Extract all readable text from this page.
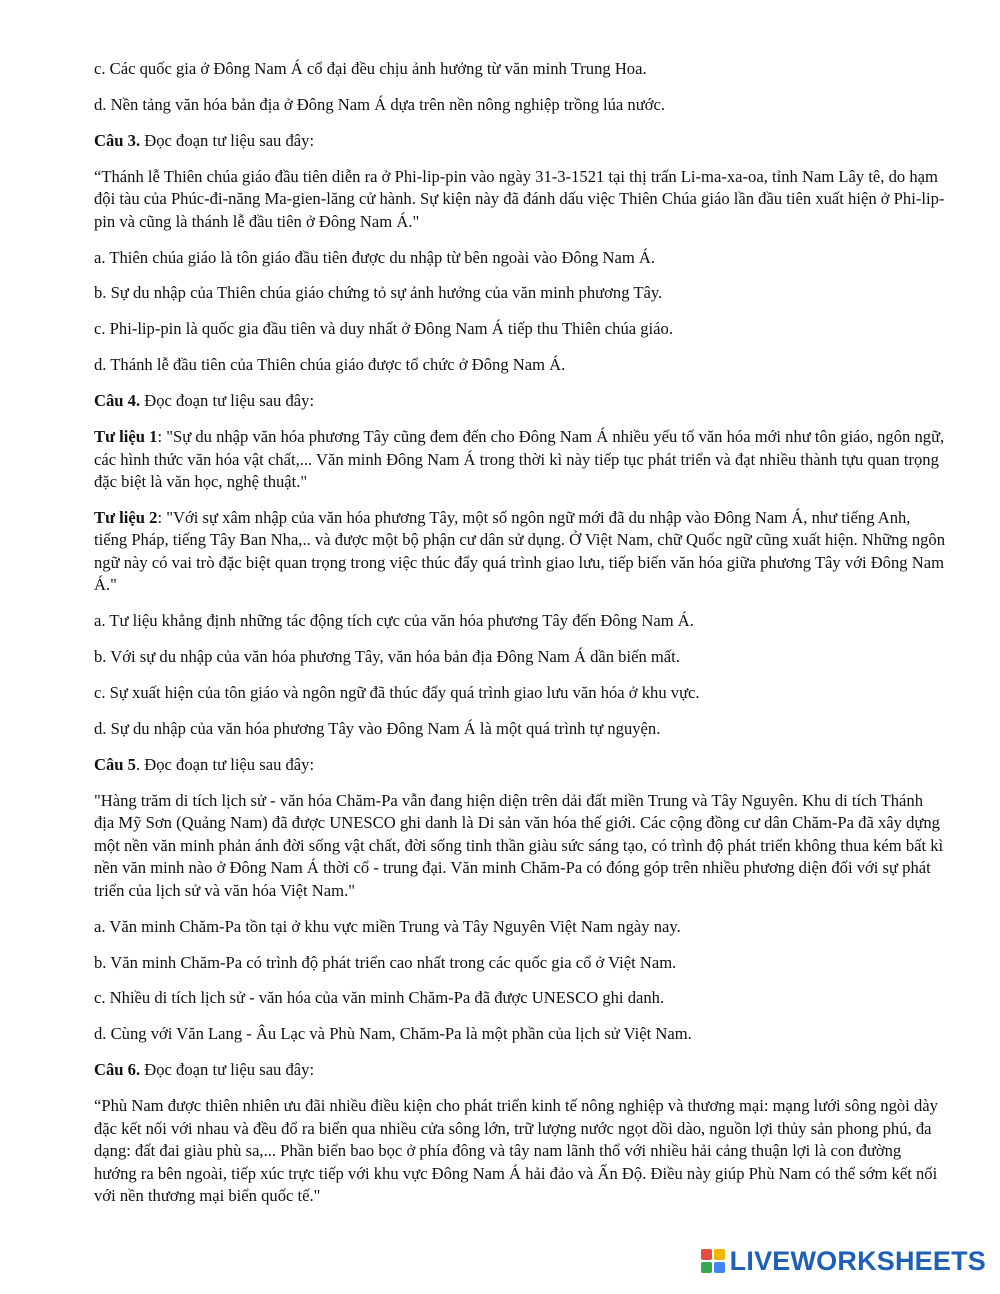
c. Các quốc gia ở Đông Nam Á cổ đại đều chịu ảnh hưởng từ văn minh Trung Hoa.

d. Nền tảng văn hóa bản địa ở Đông Nam Á dựa trên nền nông nghiệp trồng lúa nước.

Câu 3. Đọc đoạn tư liệu sau đây:

“Thánh lễ Thiên chúa giáo đầu tiên diễn ra ở Phi-lip-pin vào ngày 31-3-1521 tại thị trấn Li-ma-xa-oa, tỉnh Nam Lây tê, do hạm đội tàu của Phúc-đi-năng Ma-gien-lăng cử hành. Sự kiện này đã đánh dấu việc Thiên Chúa giáo lần đầu tiên xuất hiện ở Phi-lip-pin và cũng là thánh lễ đầu tiên ở Đông Nam Á."

a. Thiên chúa giáo là tôn giáo đầu tiên được du nhập từ bên ngoài vào Đông Nam Á.

b. Sự du nhập của Thiên chúa giáo chứng tỏ sự ảnh hưởng của văn minh phương Tây.

c. Phi-lip-pin là quốc gia đầu tiên và duy nhất ở Đông Nam Á tiếp thu Thiên chúa giáo.

d. Thánh lễ đầu tiên của Thiên chúa giáo được tổ chức ở Đông Nam Á.

Câu 4. Đọc đoạn tư liệu sau đây:

Tư liệu 1: "Sự du nhập văn hóa phương Tây cũng đem đến cho Đông Nam Á nhiều yếu tố văn hóa mới như tôn giáo, ngôn ngữ, các hình thức văn hóa vật chất,... Văn minh Đông Nam Á trong thời kì này tiếp tục phát triển và đạt nhiều thành tựu quan trọng đặc biệt là văn học, nghệ thuật."

Tư liệu 2: "Với sự xâm nhập của văn hóa phương Tây, một số ngôn ngữ mới đã du nhập vào Đông Nam Á, như tiếng Anh, tiếng Pháp, tiếng Tây Ban Nha,.. và được một bộ phận cư dân sử dụng. Ở Việt Nam, chữ Quốc ngữ cũng xuất hiện. Những ngôn ngữ này có vai trò đặc biệt quan trọng trong việc thúc đẩy quá trình giao lưu, tiếp biến văn hóa giữa phương Tây với Đông Nam Á."

a. Tư liệu khẳng định những tác động tích cực của văn hóa phương Tây đến Đông Nam Á.

b. Với sự du nhập của văn hóa phương Tây, văn hóa bản địa Đông Nam Á dần biến mất.

c. Sự xuất hiện của tôn giáo và ngôn ngữ đã thúc đẩy quá trình giao lưu văn hóa ở khu vực.

d. Sự du nhập của văn hóa phương Tây vào Đông Nam Á là một quá trình tự nguyện.

Câu 5. Đọc đoạn tư liệu sau đây:

"Hàng trăm di tích lịch sử - văn hóa Chăm-Pa vẫn đang hiện diện trên dải đất miền Trung và Tây Nguyên. Khu di tích Thánh địa Mỹ Sơn (Quảng Nam) đã được UNESCO ghi danh là Di sản văn hóa thế giới. Các cộng đồng cư dân Chăm-Pa đã xây dựng một nền văn minh phản ánh đời sống vật chất, đời sống tinh thần giàu sức sáng tạo, có trình độ phát triển không thua kém bất kì nền văn minh nào ở Đông Nam Á thời cổ - trung đại. Văn minh Chăm-Pa có đóng góp trên nhiều phương diện đối với sự phát triển của lịch sử và văn hóa Việt Nam."

a. Văn minh Chăm-Pa tồn tại ở khu vực miền Trung và Tây Nguyên Việt Nam ngày nay.

b. Văn minh Chăm-Pa có trình độ phát triển cao nhất trong các quốc gia cổ ở Việt Nam.

c. Nhiều di tích lịch sử - văn hóa của văn minh Chăm-Pa đã được UNESCO ghi danh.

d. Cùng với Văn Lang - Âu Lạc và Phù Nam, Chăm-Pa là một phần của lịch sử Việt Nam.

Câu 6. Đọc đoạn tư liệu sau đây:

“Phù Nam được thiên nhiên ưu đãi nhiều điều kiện cho phát triển kinh tế nông nghiệp và thương mại: mạng lưới sông ngòi dày đặc kết nối với nhau và đều đổ ra biển qua nhiều cửa sông lớn, trữ lượng nước ngọt dồi dào, nguồn lợi thủy sản phong phú, đa dạng: đất đai giàu phù sa,... Phần biển bao bọc ở phía đông và tây nam lãnh thổ với nhiều hải cảng thuận lợi là con đường hướng ra bên ngoài, tiếp xúc trực tiếp với khu vực Đông Nam Á hải đảo và Ấn Độ. Điều này giúp Phù Nam có thể sớm kết nối với nền thương mại biển quốc tế."

LIVEWORKSHEETS
